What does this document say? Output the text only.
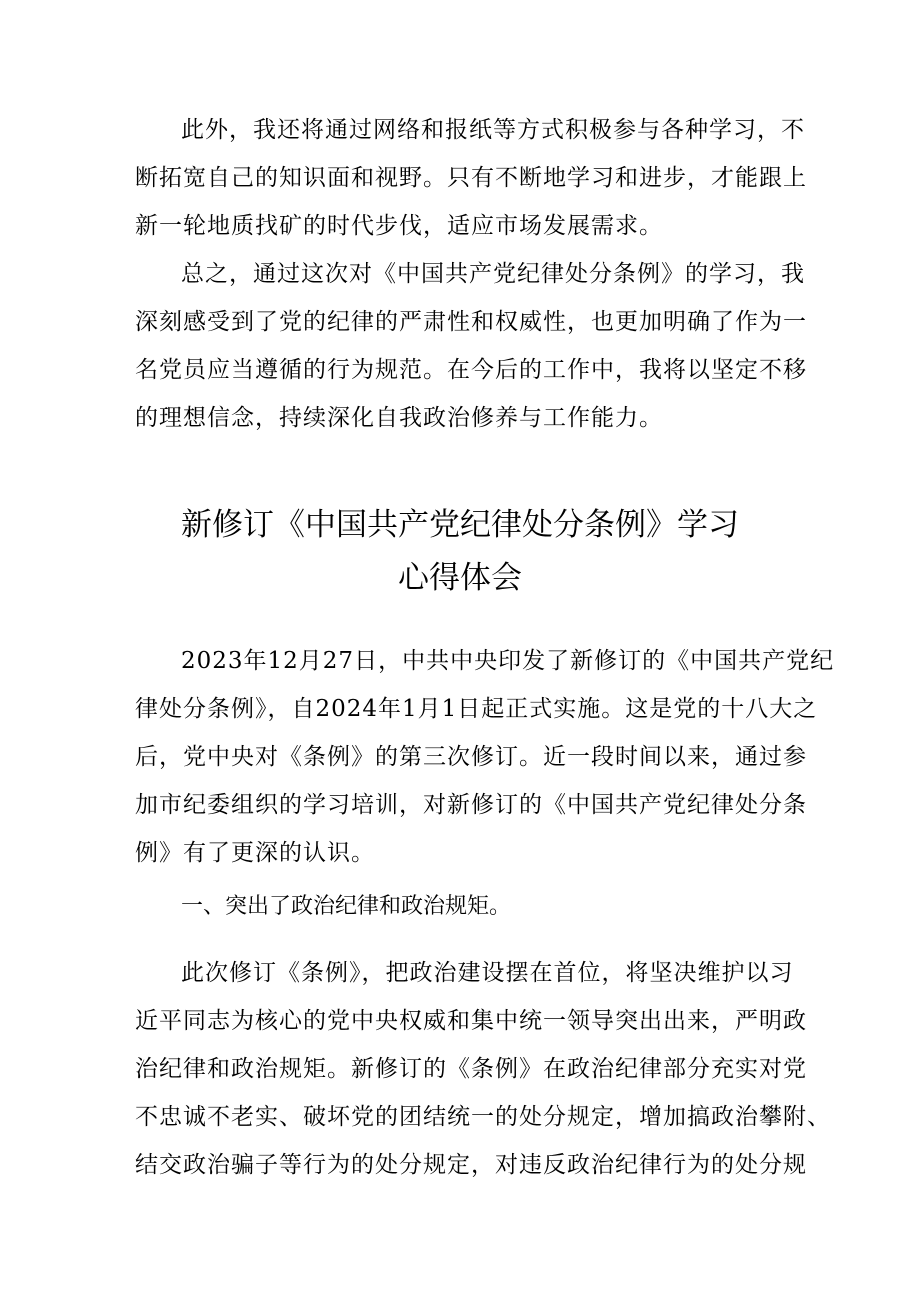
此外，我还将通过网络和报纸等方式积极参与各种学习，不
断拓宽自己的知识面和视野。只有不断地学习和进步，才能跟上
新一轮地质找矿的时代步伐，适应市场发展需求。
总之，通过这次对《中国共产党纪律处分条例》的学习，我
深刻感受到了党的纪律的严肃性和权威性，也更加明确了作为一
名党员应当遵循的行为规范。在今后的工作中，我将以坚定不移
的理想信念，持续深化自我政治修养与工作能力。
新修订《中国共产党纪律处分条例》学习
心得体会
2023年12月27日，中共中央印发了新修订的《中国共产党纪
律处分条例》，自2024年1月1日起正式实施。这是党的十八大之
后，党中央对《条例》的第三次修订。近一段时间以来，通过参
加市纪委组织的学习培训，对新修订的《中国共产党纪律处分条
例》有了更深的认识。
一、突出了政治纪律和政治规矩。
此次修订《条例》，把政治建设摆在首位，将坚决维护以习
近平同志为核心的党中央权威和集中统一领导突出出来，严明政
治纪律和政治规矩。新修订的《条例》在政治纪律部分充实对党
不忠诚不老实、破坏党的团结统一的处分规定，增加搞政治攀附、
结交政治骗子等行为的处分规定，对违反政治纪律行为的处分规
